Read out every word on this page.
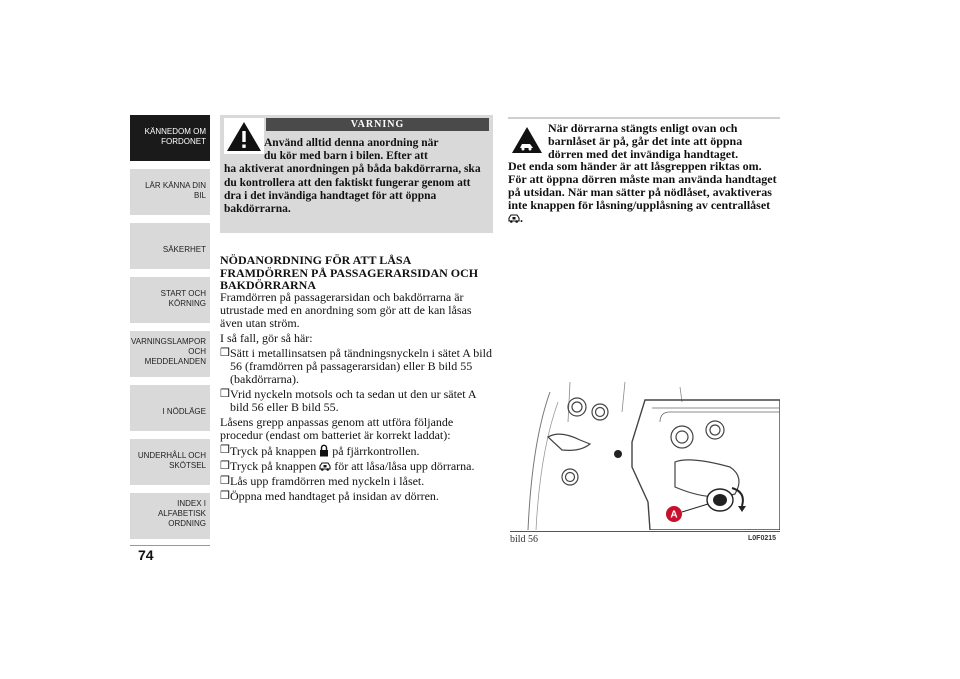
KÄNNEDOM OM
FORDONET
LÄR KÄNNA DIN
BIL
SÄKERHET
START OCH
KÖRNING
VARNINGSLAMPOR
OCH
MEDDELANDEN
I NÖDLÄGE
UNDERHÅLL OCH
SKÖTSEL
INDEX I
ALFABETISK
ORDNING
74
VARNING
Använd alltid denna anordning när
du kör med barn i bilen. Efter att
ha aktiverat anordningen på båda bakdörrarna, ska du kontrollera att den faktiskt fungerar genom att dra i det invändiga handtaget för att öppna bakdörrarna.
NÖDANORDNING FÖR ATT LÅSA FRAMDÖRREN PÅ PASSAGERARSIDAN OCH BAKDÖRRARNA

Framdörren på passagerarsidan och bakdörrarna är utrustade med en anordning som gör att de kan låsas även utan ström.

I så fall, gör så här:

❒ Sätt i metallinsatsen på tändningsnyckeln i sätet A bild 56 (framdörren på passagerarsidan) eller B bild 55 (bakdörrarna).
❒ Vrid nyckeln motsols och ta sedan ut den ur sätet A bild 56 eller B bild 55.

Låsens grepp anpassas genom att utföra följande procedur (endast om batteriet är korrekt laddat):

❒ Tryck på knappen på fjärrkontrollen.
❒ Tryck på knappen för att låsa/låsa upp dörrarna.
❒ Lås upp framdörren med nyckeln i låset.
❒ Öppna med handtaget på insidan av dörren.
När dörrarna stängts enligt ovan och
barnlåset är på, går det inte att öppna
dörren med det invändiga handtaget.
Det enda som händer är att låsgreppen riktas om. För att öppna dörren måste man använda handtaget på utsidan. När man sätter på nödlåset, avaktiveras inte knappen för låsning/upplåsning av centrallåset .
A
bild 56	L0F0215
